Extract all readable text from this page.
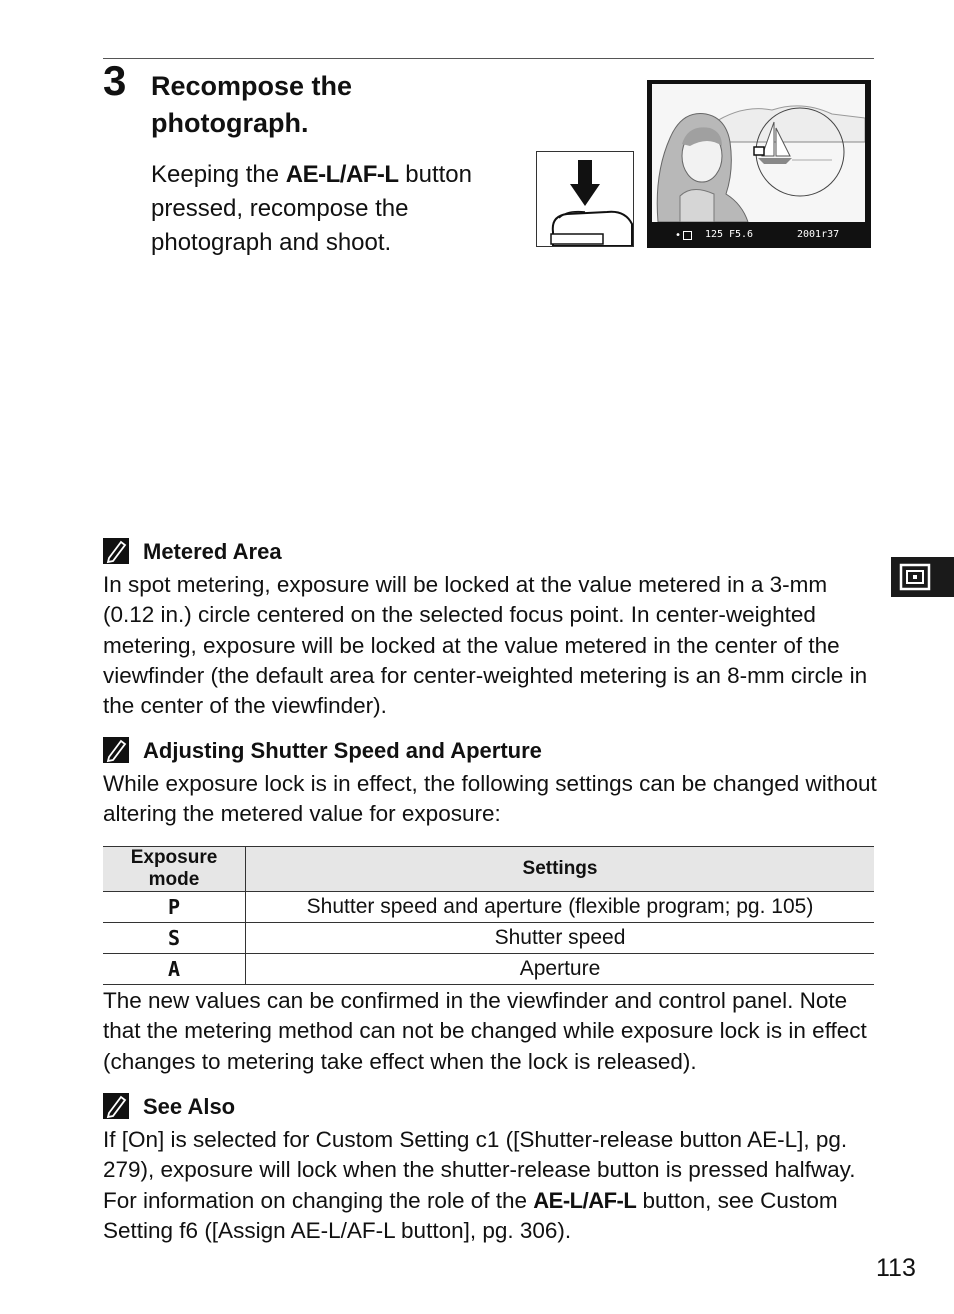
3 Recompose the photograph.
Keeping the AE-L/AF-L button pressed, recompose the photograph and shoot.	• 125 F5.6	2001r37
Metered Area
In spot metering, exposure will be locked at the value metered in a 3-mm (0.12 in.) circle centered on the selected focus point. In center-weighted metering, exposure will be locked at the value metered in the center of the viewfinder (the default area for center-weighted metering is an 8-mm circle in the center of the viewfinder).
Adjusting Shutter Speed and Aperture
While exposure lock is in effect, the following settings can be changed without altering the metered value for exposure:
Exposure mode	Settings
P	Shutter speed and aperture (flexible program; pg. 105)
S	Shutter speed
A	Aperture
The new values can be confirmed in the viewfinder and control panel. Note that the metering method can not be changed while exposure lock is in effect (changes to metering take effect when the lock is released).
See Also
If [On] is selected for Custom Setting c1 ([Shutter-release button AE-L], pg. 279), exposure will lock when the shutter-release button is pressed halfway. For information on changing the role of the AE-L/AF-L button, see Custom Setting f6 ([Assign AE-L/AF-L button], pg. 306).
113
